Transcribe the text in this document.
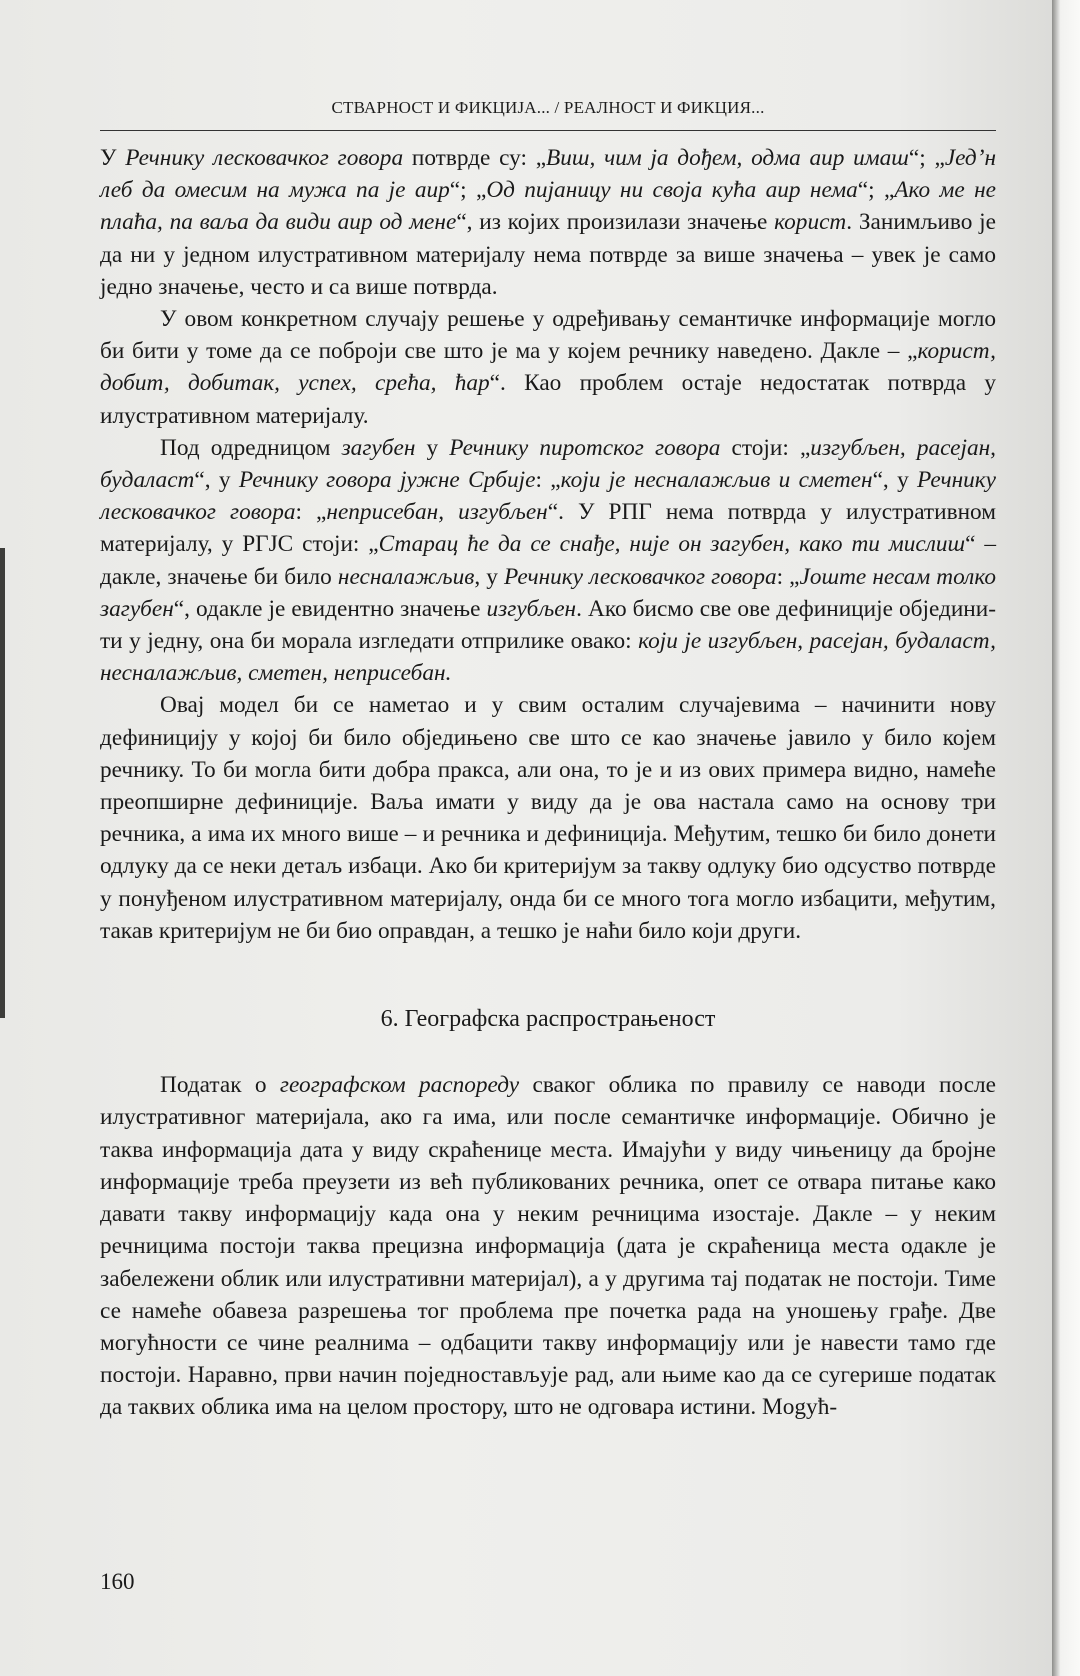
СТВАРНОСТ И ФИКЦИЈА... / РЕАЛНОСТ И ФИКЦИЯ...

У Речнику лесковачког говора потврде су: „Виш, чим ја дођем, одма аир имаш“; „Јед’н леб да омесим на мужа па је аир“; „Од пијаницу ни своја кућа аир нема“; „Ако ме не плаћа, па ваља да види аир од мене“, из којих произилази значење корист. Занимљиво је да ни у једном илустративном материјалу нема потврде за више значења – увек је само једно значење, често и са више потврда.

У овом конкретном случају решење у одређивању семантичке информације могло би бити у томе да се поброји све што је ма у којем речнику наведено. Дакле – „корист, добит, добитак, успех, срећа, ћар“. Као проблем остаје недостатак потврда у илустративном материјалу.

Под одредницом загубен у Речнику пиротског говора стоји: „изгубљен, расејан, будаласт“, у Речнику говора јужне Србије: „који је несналажљив и сметен“, у Речнику лесковачког говора: „неприсебан, изгубљен“. У РПГ нема потврда у илустративном материјалу, у РГЈС стоји: „Старац ће да се снађе, није он загубен, како ти мислиш“ – дакле, значење би било несналажљив, у Речнику лесковачког говора: „Јоште несам толко загубен“, одакле је евидентно значење изгубљен. Ако бисмо све ове дефиниције објединити у једну, она би морала изгледати отприлике овако: који је изгубљен, расејан, будаласт, несналажљив, сметен, неприсебан.

Овај модел би се наметао и у свим осталим случајевима – начинити нову дефиницију у којој би било обједињено све што се као значење јавило у било којем речнику. То би могла бити добра пракса, али она, то је и из ових примера видно, намеће преопширне дефиниције. Ваља имати у виду да је ова настала само на основу три речника, а има их много више – и речника и дефиниција. Међутим, тешко би било донети одлуку да се неки детаљ избаци. Ако би критеријум за такву одлуку био одсуство потврде у понуђеном илустративном материјалу, онда би се много тога могло избацити, међутим, такав критеријум не би био оправдан, а тешко је наћи било који други.

6. Географска распрострањеност

Податак о географском распореду сваког облика по правилу се наводи после илустративног материјала, ако га има, или после семантичке информације. Обично је таква информација дата у виду скраћенице места. Имајући у виду чињеницу да бројне информације треба преузети из већ публикованих речника, опет се отвара питање како давати такву информацију када она у неким речницима изостаје. Дакле – у неким речницима постоји таква прецизна информација (дата је скраћеница места одакле је забележени облик или илустративни материјал), а у другима тај податак не постоји. Тиме се намеће обавеза разрешења тог проблема пре почетка рада на уношењу грађе. Две могућности се чине реалнима – одбацити такву информацију или је навести тамо где постоји. Наравно, први начин поједностављује рад, али њиме као да се сугерише податак да таквих облика има на целом простору, што не одговара истини. Мogућ-

160
